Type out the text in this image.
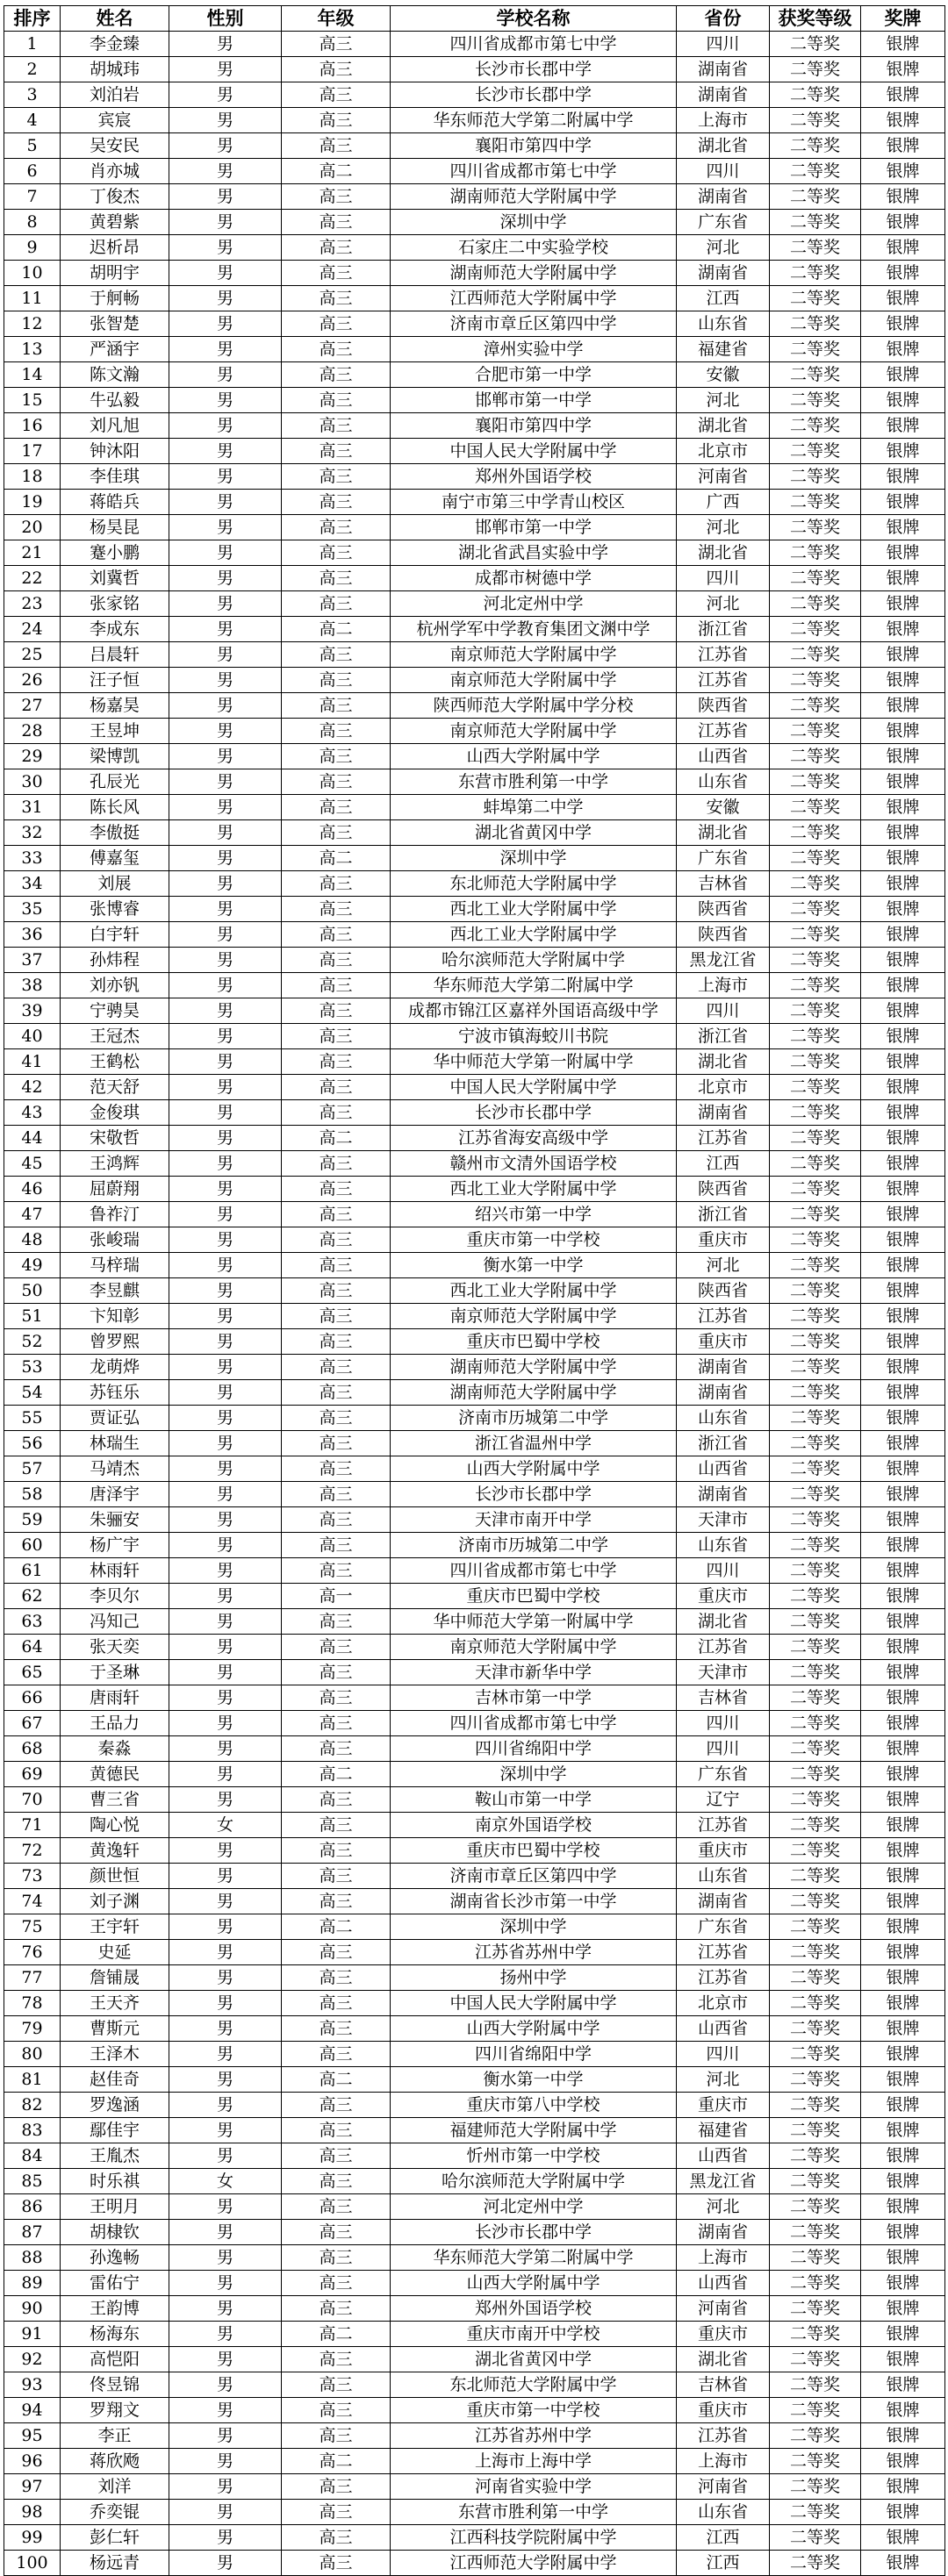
排序	姓名	性别	年级	学校名称	省份	获奖等级	奖牌
1	李金臻	男	高三	四川省成都市第七中学	四川	二等奖	银牌
2	胡城玮	男	高三	长沙市长郡中学	湖南省	二等奖	银牌
3	刘泊岩	男	高三	长沙市长郡中学	湖南省	二等奖	银牌
4	宾宸	男	高三	华东师范大学第二附属中学	上海市	二等奖	银牌
5	吴安民	男	高三	襄阳市第四中学	湖北省	二等奖	银牌
6	肖亦城	男	高二	四川省成都市第七中学	四川	二等奖	银牌
7	丁俊杰	男	高三	湖南师范大学附属中学	湖南省	二等奖	银牌
8	黄碧紫	男	高三	深圳中学	广东省	二等奖	银牌
9	迟析昂	男	高三	石家庄二中实验学校	河北	二等奖	银牌
10	胡明宇	男	高三	湖南师范大学附属中学	湖南省	二等奖	银牌
11	于舸畅	男	高三	江西师范大学附属中学	江西	二等奖	银牌
12	张智楚	男	高三	济南市章丘区第四中学	山东省	二等奖	银牌
13	严涵宇	男	高三	漳州实验中学	福建省	二等奖	银牌
14	陈文瀚	男	高三	合肥市第一中学	安徽	二等奖	银牌
15	牛弘毅	男	高三	邯郸市第一中学	河北	二等奖	银牌
16	刘凡旭	男	高三	襄阳市第四中学	湖北省	二等奖	银牌
17	钟沐阳	男	高三	中国人民大学附属中学	北京市	二等奖	银牌
18	李佳琪	男	高三	郑州外国语学校	河南省	二等奖	银牌
19	蒋皓兵	男	高三	南宁市第三中学青山校区	广西	二等奖	银牌
20	杨昊昆	男	高三	邯郸市第一中学	河北	二等奖	银牌
21	蹇小鹏	男	高三	湖北省武昌实验中学	湖北省	二等奖	银牌
22	刘冀哲	男	高三	成都市树德中学	四川	二等奖	银牌
23	张家铭	男	高三	河北定州中学	河北	二等奖	银牌
24	李成东	男	高二	杭州学军中学教育集团文渊中学	浙江省	二等奖	银牌
25	吕晨轩	男	高三	南京师范大学附属中学	江苏省	二等奖	银牌
26	汪子恒	男	高三	南京师范大学附属中学	江苏省	二等奖	银牌
27	杨嘉昊	男	高三	陕西师范大学附属中学分校	陕西省	二等奖	银牌
28	王昱坤	男	高三	南京师范大学附属中学	江苏省	二等奖	银牌
29	梁博凯	男	高三	山西大学附属中学	山西省	二等奖	银牌
30	孔辰光	男	高三	东营市胜利第一中学	山东省	二等奖	银牌
31	陈长风	男	高三	蚌埠第二中学	安徽	二等奖	银牌
32	李傲挺	男	高三	湖北省黄冈中学	湖北省	二等奖	银牌
33	傅嘉玺	男	高二	深圳中学	广东省	二等奖	银牌
34	刘展	男	高三	东北师范大学附属中学	吉林省	二等奖	银牌
35	张博睿	男	高三	西北工业大学附属中学	陕西省	二等奖	银牌
36	白宇轩	男	高三	西北工业大学附属中学	陕西省	二等奖	银牌
37	孙炜程	男	高三	哈尔滨师范大学附属中学	黑龙江省	二等奖	银牌
38	刘亦钒	男	高三	华东师范大学第二附属中学	上海市	二等奖	银牌
39	宁骋昊	男	高三	成都市锦江区嘉祥外国语高级中学	四川	二等奖	银牌
40	王冠杰	男	高三	宁波市镇海蛟川书院	浙江省	二等奖	银牌
41	王鹤松	男	高三	华中师范大学第一附属中学	湖北省	二等奖	银牌
42	范天舒	男	高三	中国人民大学附属中学	北京市	二等奖	银牌
43	金俊琪	男	高三	长沙市长郡中学	湖南省	二等奖	银牌
44	宋敬哲	男	高二	江苏省海安高级中学	江苏省	二等奖	银牌
45	王鸿辉	男	高三	赣州市文清外国语学校	江西	二等奖	银牌
46	屈蔚翔	男	高三	西北工业大学附属中学	陕西省	二等奖	银牌
47	鲁祚汀	男	高三	绍兴市第一中学	浙江省	二等奖	银牌
48	张峻瑞	男	高三	重庆市第一中学校	重庆市	二等奖	银牌
49	马梓瑞	男	高三	衡水第一中学	河北	二等奖	银牌
50	李昱麒	男	高三	西北工业大学附属中学	陕西省	二等奖	银牌
51	卞知彰	男	高三	南京师范大学附属中学	江苏省	二等奖	银牌
52	曾罗熙	男	高三	重庆市巴蜀中学校	重庆市	二等奖	银牌
53	龙萌烨	男	高三	湖南师范大学附属中学	湖南省	二等奖	银牌
54	苏钰乐	男	高三	湖南师范大学附属中学	湖南省	二等奖	银牌
55	贾证弘	男	高三	济南市历城第二中学	山东省	二等奖	银牌
56	林瑞生	男	高三	浙江省温州中学	浙江省	二等奖	银牌
57	马靖杰	男	高三	山西大学附属中学	山西省	二等奖	银牌
58	唐泽宇	男	高三	长沙市长郡中学	湖南省	二等奖	银牌
59	朱骊安	男	高三	天津市南开中学	天津市	二等奖	银牌
60	杨广宇	男	高三	济南市历城第二中学	山东省	二等奖	银牌
61	林雨轩	男	高三	四川省成都市第七中学	四川	二等奖	银牌
62	李贝尔	男	高一	重庆市巴蜀中学校	重庆市	二等奖	银牌
63	冯知己	男	高三	华中师范大学第一附属中学	湖北省	二等奖	银牌
64	张天奕	男	高三	南京师范大学附属中学	江苏省	二等奖	银牌
65	于圣琳	男	高三	天津市新华中学	天津市	二等奖	银牌
66	唐雨轩	男	高三	吉林市第一中学	吉林省	二等奖	银牌
67	王品力	男	高三	四川省成都市第七中学	四川	二等奖	银牌
68	秦淼	男	高三	四川省绵阳中学	四川	二等奖	银牌
69	黄德民	男	高二	深圳中学	广东省	二等奖	银牌
70	曹三省	男	高三	鞍山市第一中学	辽宁	二等奖	银牌
71	陶心悦	女	高三	南京外国语学校	江苏省	二等奖	银牌
72	黄逸轩	男	高三	重庆市巴蜀中学校	重庆市	二等奖	银牌
73	颜世恒	男	高三	济南市章丘区第四中学	山东省	二等奖	银牌
74	刘子渊	男	高三	湖南省长沙市第一中学	湖南省	二等奖	银牌
75	王宇轩	男	高二	深圳中学	广东省	二等奖	银牌
76	史延	男	高三	江苏省苏州中学	江苏省	二等奖	银牌
77	詹铺晟	男	高三	扬州中学	江苏省	二等奖	银牌
78	王天齐	男	高三	中国人民大学附属中学	北京市	二等奖	银牌
79	曹斯元	男	高三	山西大学附属中学	山西省	二等奖	银牌
80	王泽木	男	高三	四川省绵阳中学	四川	二等奖	银牌
81	赵佳奇	男	高二	衡水第一中学	河北	二等奖	银牌
82	罗逸涵	男	高三	重庆市第八中学校	重庆市	二等奖	银牌
83	鄢佳宇	男	高三	福建师范大学附属中学	福建省	二等奖	银牌
84	王胤杰	男	高三	忻州市第一中学校	山西省	二等奖	银牌
85	时乐祺	女	高三	哈尔滨师范大学附属中学	黑龙江省	二等奖	银牌
86	王明月	男	高三	河北定州中学	河北	二等奖	银牌
87	胡棣钦	男	高三	长沙市长郡中学	湖南省	二等奖	银牌
88	孙逸畅	男	高三	华东师范大学第二附属中学	上海市	二等奖	银牌
89	雷佑宁	男	高三	山西大学附属中学	山西省	二等奖	银牌
90	王韵博	男	高三	郑州外国语学校	河南省	二等奖	银牌
91	杨海东	男	高二	重庆市南开中学校	重庆市	二等奖	银牌
92	高恺阳	男	高三	湖北省黄冈中学	湖北省	二等奖	银牌
93	佟昱锦	男	高三	东北师范大学附属中学	吉林省	二等奖	银牌
94	罗翔文	男	高三	重庆市第一中学校	重庆市	二等奖	银牌
95	李正	男	高三	江苏省苏州中学	江苏省	二等奖	银牌
96	蒋欣飏	男	高二	上海市上海中学	上海市	二等奖	银牌
97	刘洋	男	高三	河南省实验中学	河南省	二等奖	银牌
98	乔奕锟	男	高三	东营市胜利第一中学	山东省	二等奖	银牌
99	彭仁轩	男	高三	江西科技学院附属中学	江西	二等奖	银牌
100	杨远青	男	高三	江西师范大学附属中学	江西	二等奖	银牌
